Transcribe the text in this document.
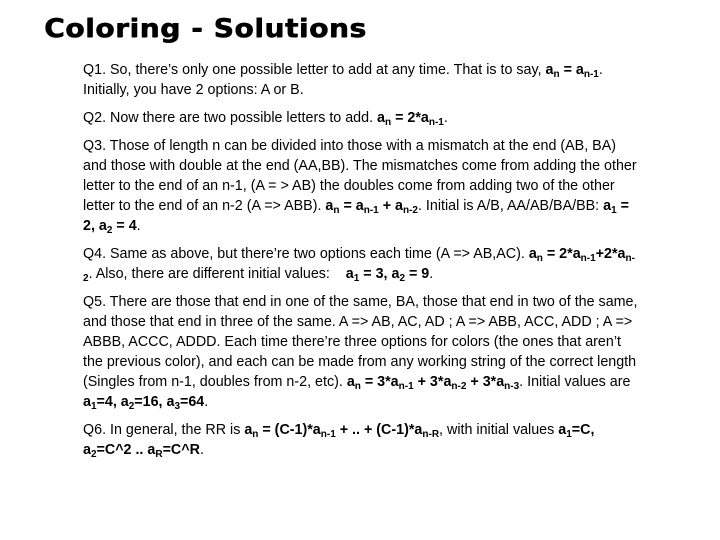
Coloring - Solutions

Q1. So, there’s only one possible letter to add at any time. That is to say, $a_n = a_{n-1}$. Initially, you have 2 options: A or B.

Q2. Now there are two possible letters to add. $a_n = 2*a_{n-1}$.

Q3. Those of length n can be divided into those with a mismatch at the end (AB, BA) and those with double at the end (AA,BB). The mismatches come from adding the other letter to the end of an n-1, (A = > AB) the doubles come from adding two of the other letter to the end of an n-2 (A => ABB). $a_n = a_{n-1} + a_{n-2}$. Initial is A/B, AA/AB/BA/BB: $a_1 = 2$, $a_2 = 4$.

Q4. Same as above, but there’re two options each time (A => AB,AC). $a_n = 2*a_{n-1}+2*a_{n-2}$. Also, there are different initial values:    $a_1 = 3$, $a_2 = 9$.

Q5. There are those that end in one of the same, BA, those that end in two of the same, and those that end in three of the same. A => AB, AC, AD ; A => ABB, ACC, ADD ; A => ABBB, ACCC, ADDD. Each time there’re three options for colors (the ones that aren’t the previous color), and each can be made from any working string of the correct length (Singles from n-1, doubles from n-2, etc). $a_n = 3*a_{n-1} + 3*a_{n-2} + 3*a_{n-3}$. Initial values are $a_1=4$, $a_2=16$, $a_3=64$.

Q6. In general, the RR is $a_n = (C-1)*a_{n-1}$ + .. + $(C-1)*a_{n-R}$, with initial values $a_1=C$, $a_2=C\^{}2$ .. $a_R=C\^{}R$.
